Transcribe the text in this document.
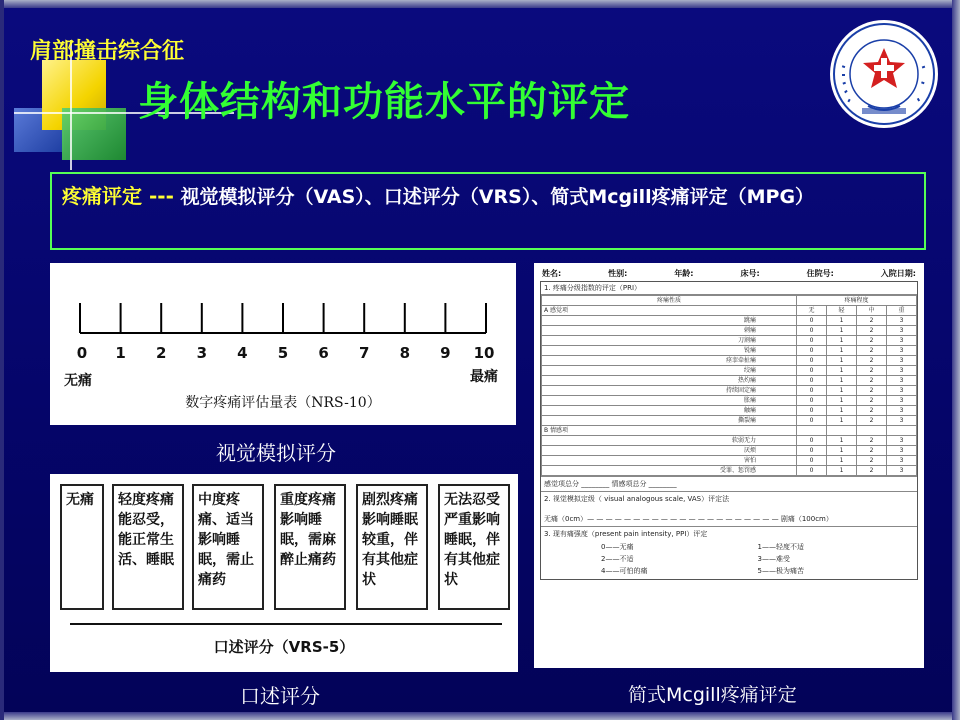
肩部撞击综合征
身体结构和功能水平的评定
疼痛评定 --- 视觉模拟评分（VAS）、口述评分（VRS）、简式Mcgill疼痛评定（MPG）
0 1 2 3 4 5 6 7 8 9 10
无痛	最痛
数字疼痛评估量表（NRS-10）
视觉模拟评分
无痛	轻度疼痛能忍受，能正常生活、睡眠
中度疼痛、适当影响睡眠，需止痛药
重度疼痛影响睡眠，需麻醉止痛药
剧烈疼痛影响睡眠较重，伴有其他症状
无法忍受严重影响睡眠，伴有其他症状
口述评分（VRS-5）
口述评分
姓名:	性别:	年龄:	床号:	住院号:	入院日期:
1. 疼痛分级指数的评定（PRI）
疼痛性质	疼痛程度			
A 感觉项	无	轻	中	重
跳痛	0	1	2	3
刺痛	0	1	2	3
刀割痛	0	1	2	3
锐痛	0	1	2	3
痉挛牵扯痛	0	1	2	3
绞痛	0	1	2	3
热灼痛	0	1	2	3
持续固定痛	0	1	2	3
胀痛	0	1	2	3
触痛	0	1	2	3
撕裂痛	0	1	2	3
B 情感项				
软弱无力	0	1	2	3
厌烦	0	1	2	3
害怕	0	1	2	3
受罪、惩罚感	0	1	2	3
感觉项总分 ________ 情感项总分 ________
2. 视觉模拟定级（ visual analogous scale, VAS）评定法
无痛（0cm）— — — — — — — — — — — — — — — — — — — — — 剧痛（100cm）
3. 现有痛强度（present pain intensity, PPI）评定
0——无痛	1——轻度不适
2——不适	3——难受
4——可怕的痛	5——极为痛苦
简式Mcgill疼痛评定
